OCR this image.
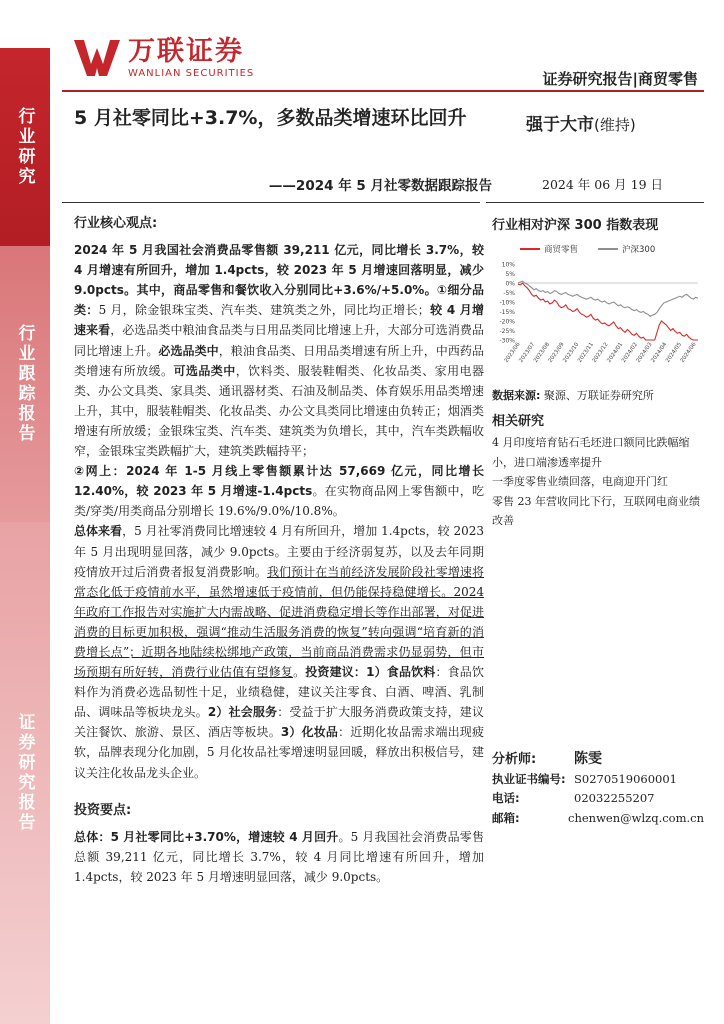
行业研究
行业跟踪报告
证券研究报告
万联证券
WANLIAN SECURITIES	证券研究报告|商贸零售
5 月社零同比+3.7%，多数品类增速环比回升
——2024 年 5 月社零数据跟踪报告
强于大市(维持)
2024 年 06 月 19 日
行业核心观点:

2024 年 5 月我国社会消费品零售额 39,211 亿元，同比增长 3.7%，较 4 月增速有所回升，增加 1.4pcts，较 2023 年 5 月增速回落明显，减少 9.0pcts。其中，商品零售和餐饮收入分别同比+3.6%/+5.0%。①细分品类：5 月，除金银珠宝类、汽车类、建筑类之外，同比均正增长；较 4 月增速来看，必选品类中粮油食品类与日用品类同比增速上升，大部分可选消费品同比增速上升。必选品类中，粮油食品类、日用品类增速有所上升，中西药品类增速有所放缓。可选品类中，饮料类、服装鞋帽类、化妆品类、家用电器类、办公文具类、家具类、通讯器材类、石油及制品类、体育娱乐用品类增速上升，其中，服装鞋帽类、化妆品类、办公文具类同比增速由负转正；烟酒类增速有所放缓；金银珠宝类、汽车类、建筑类为负增长，其中，汽车类跌幅收窄，金银珠宝类跌幅扩大，建筑类跌幅持平；

②网上：2024 年 1-5 月线上零售额累计达 57,669 亿元，同比增长 12.40%，较 2023 年 5 月增速-1.4pcts。在实物商品网上零售额中，吃类/穿类/用类商品分别增长 19.6%/9.0%/10.8%。

总体来看，5 月社零消费同比增速较 4 月有所回升，增加 1.4pcts，较 2023 年 5 月出现明显回落，减少 9.0pcts。主要由于经济弱复苏，以及去年同期疫情放开过后消费者报复消费影响。我们预计在当前经济发展阶段社零增速将常态化低于疫情前水平，虽然增速低于疫情前，但仍能保持稳健增长。2024 年政府工作报告对实施扩大内需战略、促进消费稳定增长等作出部署，对促进消费的目标更加积极，强调“推动生活服务消费的恢复”转向强调“培育新的消费增长点”；近期各地陆续松绑地产政策，当前商品消费需求仍显弱势，但市场预期有所好转，消费行业估值有望修复。投资建议：1）食品饮料：食品饮料作为消费必选品韧性十足，业绩稳健，建议关注零食、白酒、啤酒、乳制品、调味品等板块龙头。2）社会服务：受益于扩大服务消费政策支持，建议关注餐饮、旅游、景区、酒店等板块。3）化妆品：近期化妆品需求端出现疲软，品牌表现分化加剧，5 月化妆品社零增速明显回暖，释放出积极信号，建议关注化妆品龙头企业。

投资要点:

总体：5 月社零同比+3.70%，增速较 4 月回升。5 月我国社会消费品零售总额 39,211 亿元，同比增长 3.7%，较 4 月同比增速有所回升，增加 1.4pcts，较 2023 年 5 月增速明显回落，减少 9.0pcts。

行业相对沪深 300 指数表现
商贸零售	沪深300
10%
5%
0%
-5%
-10%
-15%
-20%
-25%
-30%
2023/06
2023/07
2023/08
2023/09
2023/10
2023/11
2023/12
2024/01
2024/02
2024/03
2024/04
2024/05
2024/06
数据来源: 聚源、万联证券研究所
相关研究
4 月印度培育钻石毛坯进口额同比跌幅缩小，进口端渗透率提升
一季度零售业绩回落，电商迎开门红
零售 23 年营收同比下行，互联网电商业绩改善
分析师:	陈雯
执业证书编号: S0270519060001
电话:	02032255207
邮箱:	chenwen@wlzq.com.cn
